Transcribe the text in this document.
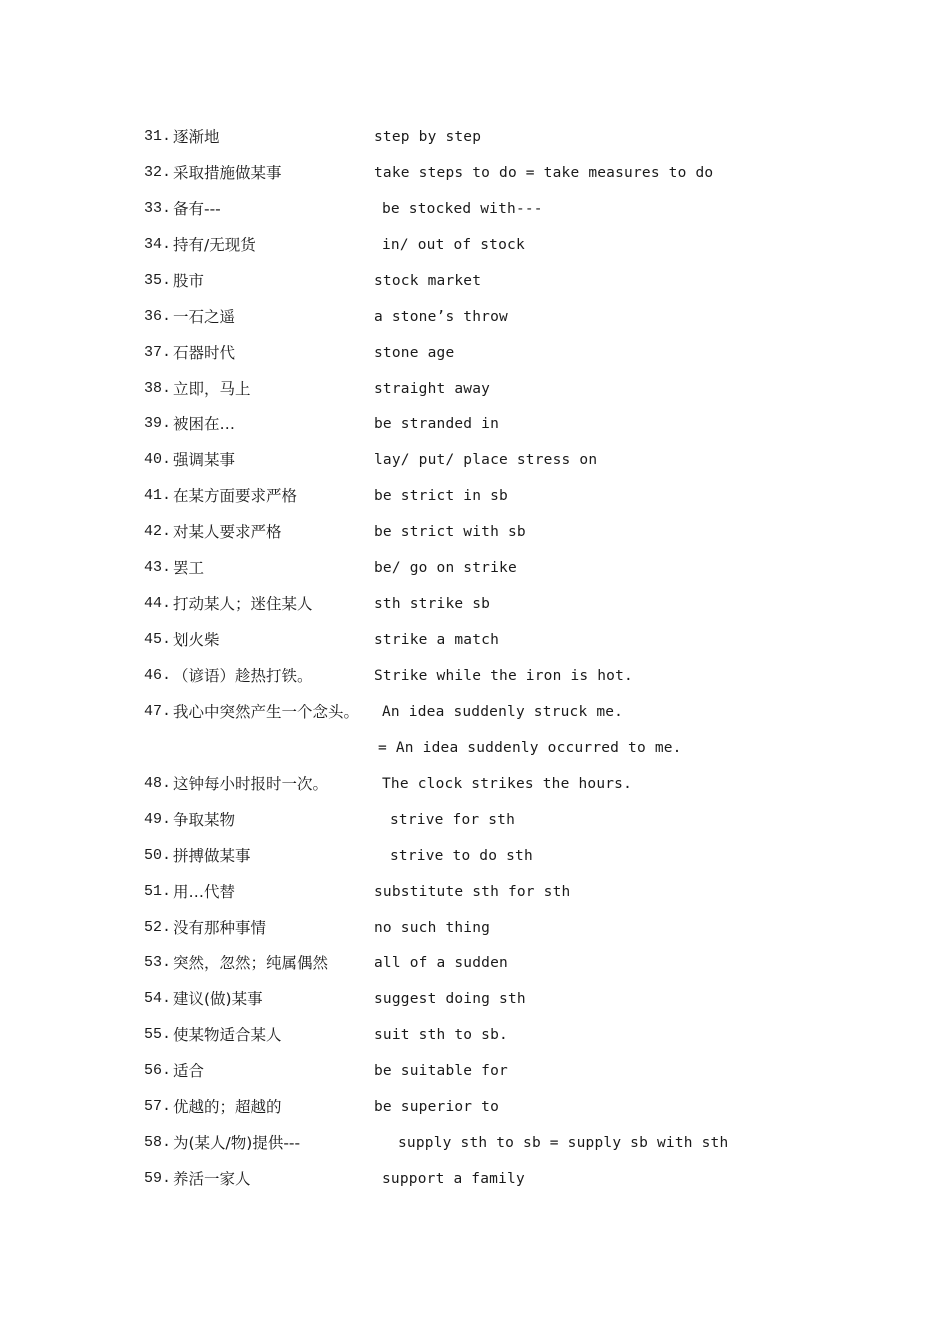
31. 逐渐地	step by step
32. 采取措施做某事	take steps to do = take measures to do
33. 备有---	be stocked with---
34. 持有/无现货	in/ out of stock
35. 股市	stock market
36. 一石之遥	a stone’s throw
37. 石器时代	stone age
38. 立即，马上	straight away
39. 被困在…	be stranded in
40. 强调某事	lay/ put/ place stress on
41. 在某方面要求严格	be strict in sb
42. 对某人要求严格	be strict with sb
43. 罢工	be/ go on strike
44. 打动某人；迷住某人	sth strike sb
45. 划火柴	strike a match
46. （谚语）趁热打铁。	Strike while the iron is hot.
47. 我心中突然产生一个念头。 An idea suddenly struck me.
= An idea suddenly occurred to me.
48. 这钟每小时报时一次。	The clock strikes the hours.
49. 争取某物	strive for sth
50. 拼搏做某事	strive to do sth
51. 用…代替	substitute sth for sth
52. 没有那种事情	no such thing
53. 突然，忽然；纯属偶然	all of a sudden
54. 建议(做)某事	suggest doing sth
55. 使某物适合某人	suit sth to sb.
56. 适合	be suitable for
57. 优越的；超越的	be superior to
58. 为(某人/物)提供---	supply sth to sb = supply sb with sth
59. 养活一家人	support a family
